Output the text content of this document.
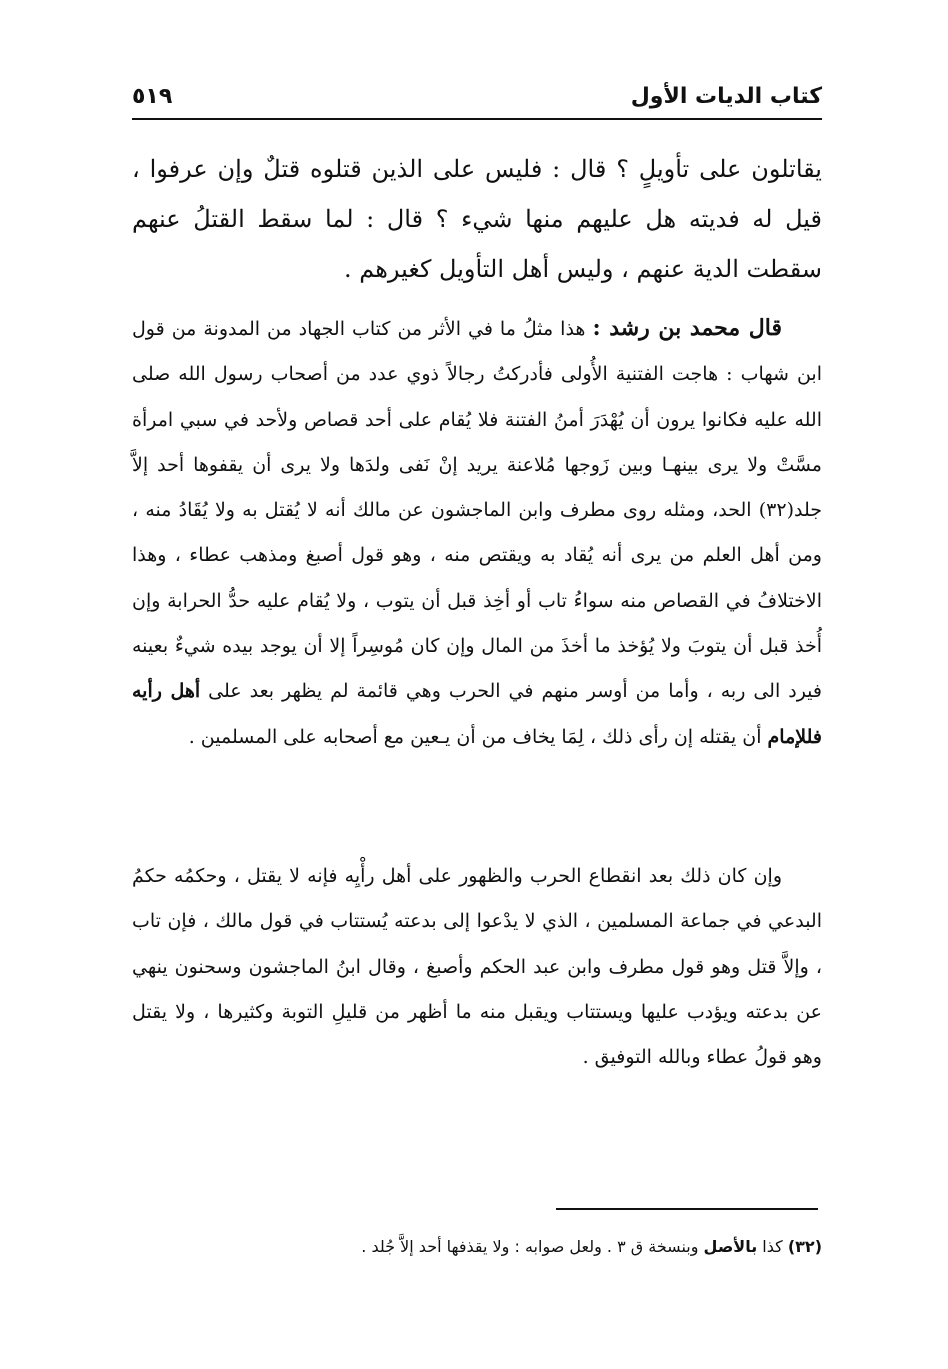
كتاب الديات الأول
٥١٩

يقاتلون على تأويلٍ ؟ قال : فليس على الذين قتلوه قتلٌ وإن عرفوا ، قيل له فديته هل عليهم منها شيء ؟ قال : لما سقط القتلُ عنهم سقطت الدية عنهم ، وليس أهل التأويل كغيرهم .

قال محمد بن رشد : هذا مثلُ ما في الأثر من كتاب الجهاد من المدونة من قول ابن شهاب : هاجت الفتنية الأُولى فأدركتُ رجالاً ذوي عدد من أصحاب رسول الله صلى الله عليه فكانوا يرون أن يُهْدَرَ أمنُ الفتنة فلا يُقام على أحد قصاص ولأحد في سبي امرأة مسَّتْ ولا يرى بينهـا وبين زَوجها مُلاعنة يريد إنْ نَفى ولدَها ولا يرى أن يقفوها أحد إلاَّ جلد(٣٢) الحد، ومثله روى مطرف وابن الماجشون عن مالك أنه لا يُقتل به ولا يُقَادُ منه ، ومن أهل العلم من يرى أنه يُقاد به ويقتص منه ، وهو قول أصبغ ومذهب عطاء ، وهذا الاختلافُ في القصاص منه سواءُ تاب أو أخِذ قبل أن يتوب ، ولا يُقام عليه حدُّ الحرابة وإن أُخذ قبل أن يتوبَ ولا يُؤخذ ما أخذَ من المال وإن كان مُوسِراً إلا أن يوجد بيده شيءٌ بعينه فيرد الى ربه ، وأما من أوسر منهم في الحرب وهي قائمة لم يظهر بعد على أهل رأيه فللإمام أن يقتله إن رأى ذلك ، لِمَا يخاف من أن يـعين مع أصحابه على المسلمين .

وإن كان ذلك بعد انقطاع الحرب والظهور على أهل رأْيِه فإنه لا يقتل ، وحكمُه حكمُ البدعي في جماعة المسلمين ، الذي لا يدْعوا إلى بدعته يُستتاب في قول مالك ، فإن تاب ، وإلاَّ قتل وهو قول مطرف وابن عبد الحكم وأصبغ ، وقال ابنُ الماجشون وسحنون ينهي عن بدعته ويؤدب عليها ويستتاب ويقبل منه ما أظهر من قليلِ التوبة وكثيرها ، ولا يقتل وهو قولُ عطاء وبالله التوفيق .

(٣٢) كذا بالأصل وبنسخة ق ٣ . ولعل صوابه : ولا يقذفها أحد إلاَّ جُلد .
